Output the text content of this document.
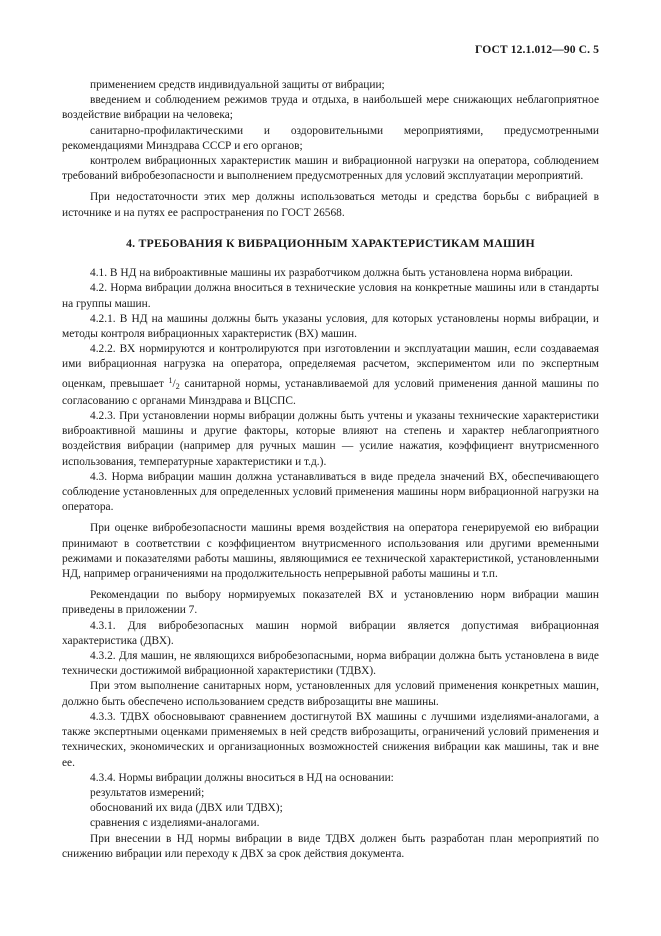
ГОСТ 12.1.012—90 С. 5

применением средств индивидуальной защиты от вибрации;

введением и соблюдением режимов труда и отдыха, в наибольшей мере снижающих неблагоприятное воздействие вибрации на человека;

санитарно-профилактическими и оздоровительными мероприятиями, предусмотренными рекомендациями Минздрава СССР и его органов;

контролем вибрационных характеристик машин и вибрационной нагрузки на оператора, соблюдением требований вибробезопасности и выполнением предусмотренных для условий эксплуатации мероприятий.

При недостаточности этих мер должны использоваться методы и средства борьбы с вибрацией в источнике и на путях ее распространения по ГОСТ 26568.

4. ТРЕБОВАНИЯ К ВИБРАЦИОННЫМ ХАРАКТЕРИСТИКАМ МАШИН

4.1. В НД на виброактивные машины их разработчиком должна быть установлена норма вибрации.

4.2. Норма вибрации должна вноситься в технические условия на конкретные машины или в стандарты на группы машин.

4.2.1. В НД на машины должны быть указаны условия, для которых установлены нормы вибрации, и методы контроля вибрационных характеристик (ВХ) машин.

4.2.2. ВХ нормируются и контролируются при изготовлении и эксплуатации машин, если создаваемая ими вибрационная нагрузка на оператора, определяемая расчетом, экспериментом или по экспертным оценкам, превышает $^1/_2$ санитарной нормы, устанавливаемой для условий применения данной машины по согласованию с органами Минздрава и ВЦСПС.

4.2.3. При установлении нормы вибрации должны быть учтены и указаны технические характеристики виброактивной машины и другие факторы, которые влияют на степень и характер неблагоприятного воздействия вибрации (например для ручных машин — усилие нажатия, коэффициент внутрисменного использования, температурные характеристики и т.д.).

4.3. Норма вибрации машин должна устанавливаться в виде предела значений ВХ, обеспечивающего соблюдение установленных для определенных условий применения машины норм вибрационной нагрузки на оператора.

При оценке вибробезопасности машины время воздействия на оператора генерируемой ею вибрации принимают в соответствии с коэффициентом внутрисменного использования или другими временными режимами и показателями работы машины, являющимися ее технической характеристикой, установленными НД, например ограничениями на продолжительность непрерывной работы машины и т.п.

Рекомендации по выбору нормируемых показателей ВХ и установлению норм вибрации машин приведены в приложении 7.

4.3.1. Для вибробезопасных машин нормой вибрации является допустимая вибрационная характеристика (ДВХ).

4.3.2. Для машин, не являющихся вибробезопасными, норма вибрации должна быть установлена в виде технически достижимой вибрационной характеристики (ТДВХ).

При этом выполнение санитарных норм, установленных для условий применения конкретных машин, должно быть обеспечено использованием средств виброзащиты вне машины.

4.3.3. ТДВХ обосновывают сравнением достигнутой ВХ машины с лучшими изделиями-аналогами, а также экспертными оценками применяемых в ней средств виброзащиты, ограничений условий применения и технических, экономических и организационных возможностей снижения вибрации как машины, так и вне ее.

4.3.4. Нормы вибрации должны вноситься в НД на основании:

результатов измерений;

обоснований их вида (ДВХ или ТДВХ);

сравнения с изделиями-аналогами.

При внесении в НД нормы вибрации в виде ТДВХ должен быть разработан план мероприятий по снижению вибрации или переходу к ДВХ за срок действия документа.
